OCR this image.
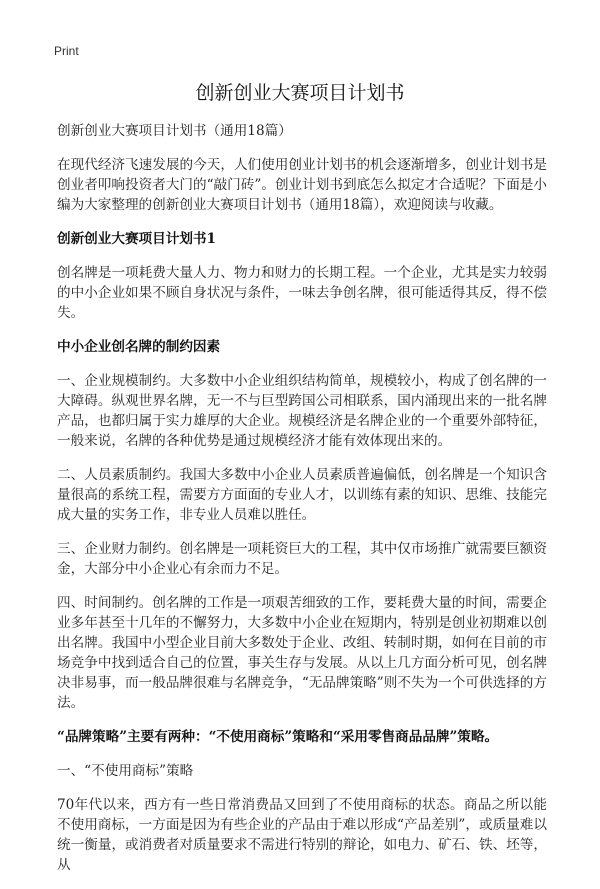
Print
创新创业大赛项目计划书

创新创业大赛项目计划书（通用18篇）

在现代经济飞速发展的今天，人们使用创业计划书的机会逐渐增多，创业计划书是创业者叩响投资者大门的“敲门砖”。创业计划书到底怎么拟定才合适呢？下面是小编为大家整理的创新创业大赛项目计划书（通用18篇），欢迎阅读与收藏。

创新创业大赛项目计划书1

创名牌是一项耗费大量人力、物力和财力的长期工程。一个企业，尤其是实力较弱的中小企业如果不顾自身状况与条件，一味去争创名牌，很可能适得其反，得不偿失。

中小企业创名牌的制约因素

一、企业规模制约。大多数中小企业组织结构简单，规模较小，构成了创名牌的一大障碍。纵观世界名牌，无一不与巨型跨国公司相联系，国内涌现出来的一批名牌产品，也都归属于实力雄厚的大企业。规模经济是名牌企业的一个重要外部特征，一般来说，名牌的各种优势是通过规模经济才能有效体现出来的。

二、人员素质制约。我国大多数中小企业人员素质普遍偏低，创名牌是一个知识含量很高的系统工程，需要方方面面的专业人才，以训练有素的知识、思维、技能完成大量的实务工作，非专业人员难以胜任。

三、企业财力制约。创名牌是一项耗资巨大的工程，其中仅市场推广就需要巨额资金，大部分中小企业心有余而力不足。

四、时间制约。创名牌的工作是一项艰苦细致的工作，要耗费大量的时间，需要企业多年甚至十几年的不懈努力，大多数中小企业在短期内，特别是创业初期难以创出名牌。我国中小型企业目前大多数处于企业、改组、转制时期，如何在目前的市场竞争中找到适合自己的位置，事关生存与发展。从以上几方面分析可见，创名牌决非易事，而一般品牌很难与名牌竞争，“无品牌策略”则不失为一个可供选择的方法。

“品牌策略”主要有两种：“不使用商标”策略和“采用零售商品品牌”策略。

一、“不使用商标”策略

70年代以来，西方有一些日常消费品又回到了不使用商标的状态。商品之所以能不使用商标，一方面是因为有些企业的产品由于难以形成“产品差别”，或质量难以统一衡量，或消费者对质量要求不需进行特别的辩论，如电力、矿石、铁、坯等，从
